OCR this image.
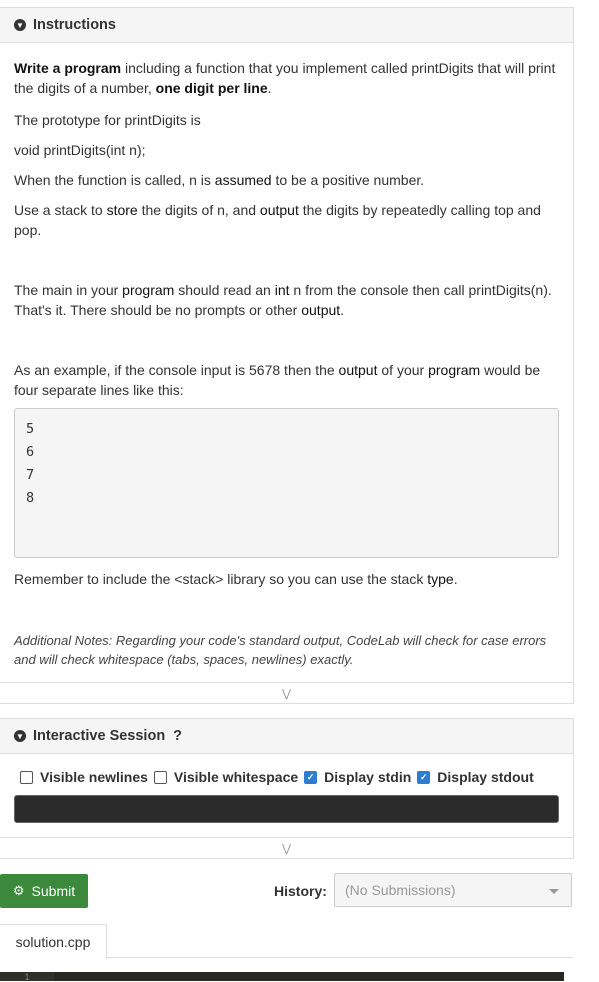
▼ Instructions
Write a program including a function that you implement called printDigits that will print the digits of a number, one digit per line.
The prototype for printDigits is
void printDigits(int n);
When the function is called, n is assumed to be a positive number.
Use a stack to store the digits of n, and output the digits by repeatedly calling top and pop.
The main in your program should read an int n from the console then call printDigits(n). That's it. There should be no prompts or other output.
As an example, if the console input is 5678 then the output of your program would be four separate lines like this:
5
6
7
8
Remember to include the <stack> library so you can use the stack type.
Additional Notes: Regarding your code's standard output, CodeLab will check for case errors and will check whitespace (tabs, spaces, newlines) exactly.
⋁
▼ Interactive Session ?
Visible newlines Visible whitespace ✓ Display stdin ✓ Display stdout
⋁
⚙ Submit	History: (No Submissions)
solution.cpp
1
